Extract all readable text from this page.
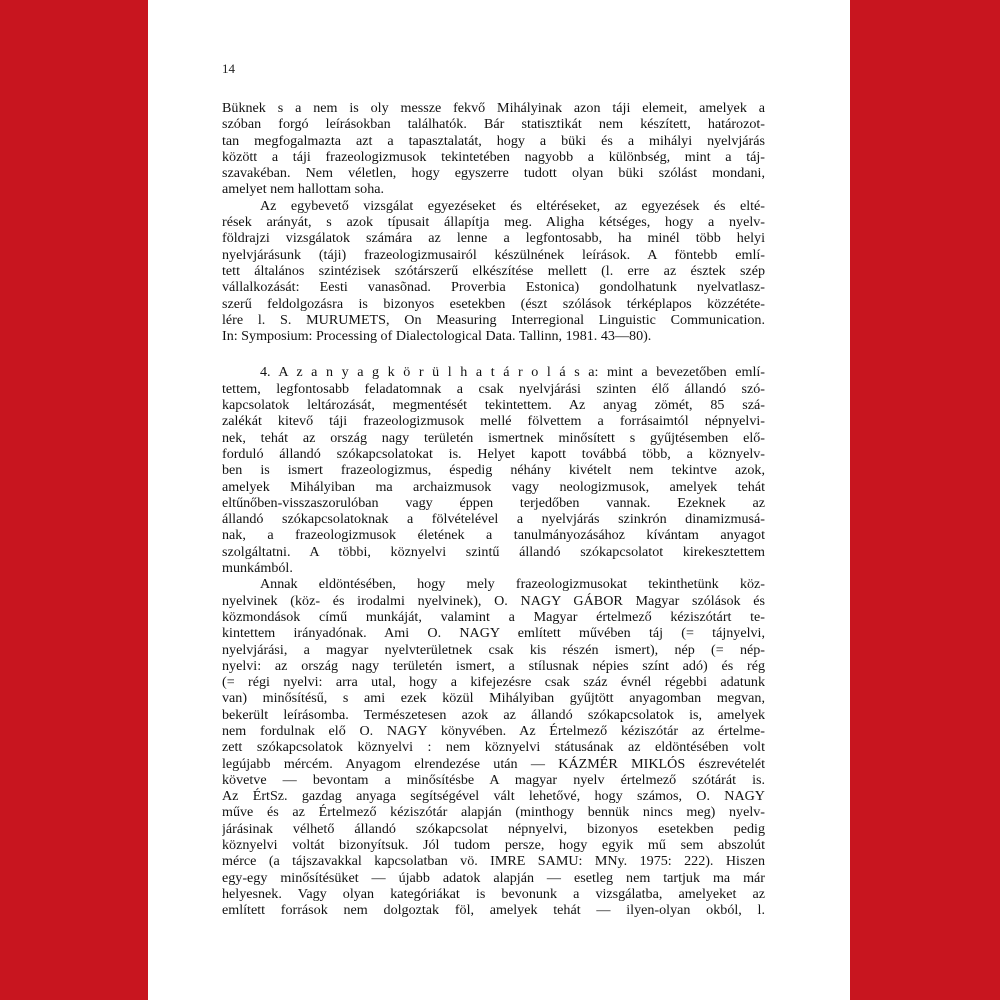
14
Büknek s a nem is oly messze fekvő Mihályinak azon táji elemeit, amelyek a
szóban forgó leírásokban találhatók. Bár statisztikát nem készített, határozot-
tan megfogalmazta azt a tapasztalatát, hogy a büki és a mihályi nyelvjárás
között a táji frazeologizmusok tekintetében nagyobb a különbség, mint a táj-
szavakéban. Nem véletlen, hogy egyszerre tudott olyan büki szólást mondani,
amelyet nem hallottam soha.
Az egybevető vizsgálat egyezéseket és eltéréseket, az egyezések és elté-
rések arányát, s azok típusait állapítja meg. Aligha kétséges, hogy a nyelv-
földrajzi vizsgálatok számára az lenne a legfontosabb, ha minél több helyi
nyelvjárásunk (táji) frazeologizmusairól készülnének leírások. A föntebb emlí-
tett általános szintézisek szótárszerű elkészítése mellett (l. erre az észtek szép
vállalkozását: Eesti vanasõnad. Proverbia Estonica) gondolhatunk nyelvatlasz-
szerű feldolgozásra is bizonyos esetekben (észt szólások térképlapos közzététe-
lére l. S. MURUMETS, On Measuring Interregional Linguistic Communication.
In: Symposium: Processing of Dialectological Data. Tallinn, 1981. 43—80).
4. A z a n y a g k ö r ü l h a t á r o l á s a: mint a bevezetőben emlí-
tettem, legfontosabb feladatomnak a csak nyelvjárási szinten élő állandó szó-
kapcsolatok leltározását, megmentését tekintettem. Az anyag zömét, 85 szá-
zalékát kitevő táji frazeologizmusok mellé fölvettem a forrásaimtól népnyelvi-
nek, tehát az ország nagy területén ismertnek minősített s gyűjtésemben elő-
forduló állandó szókapcsolatokat is. Helyet kapott továbbá több, a köznyelv-
ben is ismert frazeologizmus, éspedig néhány kivételt nem tekintve azok,
amelyek Mihályiban ma archaizmusok vagy neologizmusok, amelyek tehát
eltűnőben-visszaszorulóban vagy éppen terjedőben vannak. Ezeknek az
állandó szókapcsolatoknak a fölvételével a nyelvjárás szinkrón dinamizmusá-
nak, a frazeologizmusok életének a tanulmányozásához kívántam anyagot
szolgáltatni. A többi, köznyelvi szintű állandó szókapcsolatot kirekesztettem
munkámból.
Annak eldöntésében, hogy mely frazeologizmusokat tekinthetünk köz-
nyelvinek (köz- és irodalmi nyelvinek), O. NAGY GÁBOR Magyar szólások és
közmondások című munkáját, valamint a Magyar értelmező kéziszótárt te-
kintettem irányadónak. Ami O. NAGY említett művében táj (= tájnyelvi,
nyelvjárási, a magyar nyelvterületnek csak kis részén ismert), nép (= nép-
nyelvi: az ország nagy területén ismert, a stílusnak népies színt adó) és rég
(= régi nyelvi: arra utal, hogy a kifejezésre csak száz évnél régebbi adatunk
van) minősítésű, s ami ezek közül Mihályiban gyűjtött anyagomban megvan,
bekerült leírásomba. Természetesen azok az állandó szókapcsolatok is, amelyek
nem fordulnak elő O. NAGY könyvében. Az Értelmező kéziszótár az értelme-
zett szókapcsolatok köznyelvi : nem köznyelvi státusának az eldöntésében volt
legújabb mércém. Anyagom elrendezése után — KÁZMÉR MIKLÓS észrevételét
követve — bevontam a minősítésbe A magyar nyelv értelmező szótárát is.
Az ÉrtSz. gazdag anyaga segítségével vált lehetővé, hogy számos, O. NAGY
műve és az Értelmező kéziszótár alapján (minthogy bennük nincs meg) nyelv-
járásinak vélhető állandó szókapcsolat népnyelvi, bizonyos esetekben pedig
köznyelvi voltát bizonyítsuk. Jól tudom persze, hogy egyik mű sem abszolút
mérce (a tájszavakkal kapcsolatban vö. IMRE SAMU: MNy. 1975: 222). Hiszen
egy-egy minősítésüket — újabb adatok alapján — esetleg nem tartjuk ma már
helyesnek. Vagy olyan kategóriákat is bevonunk a vizsgálatba, amelyeket az
említett források nem dolgoztak föl, amelyek tehát — ilyen-olyan okból, l.
